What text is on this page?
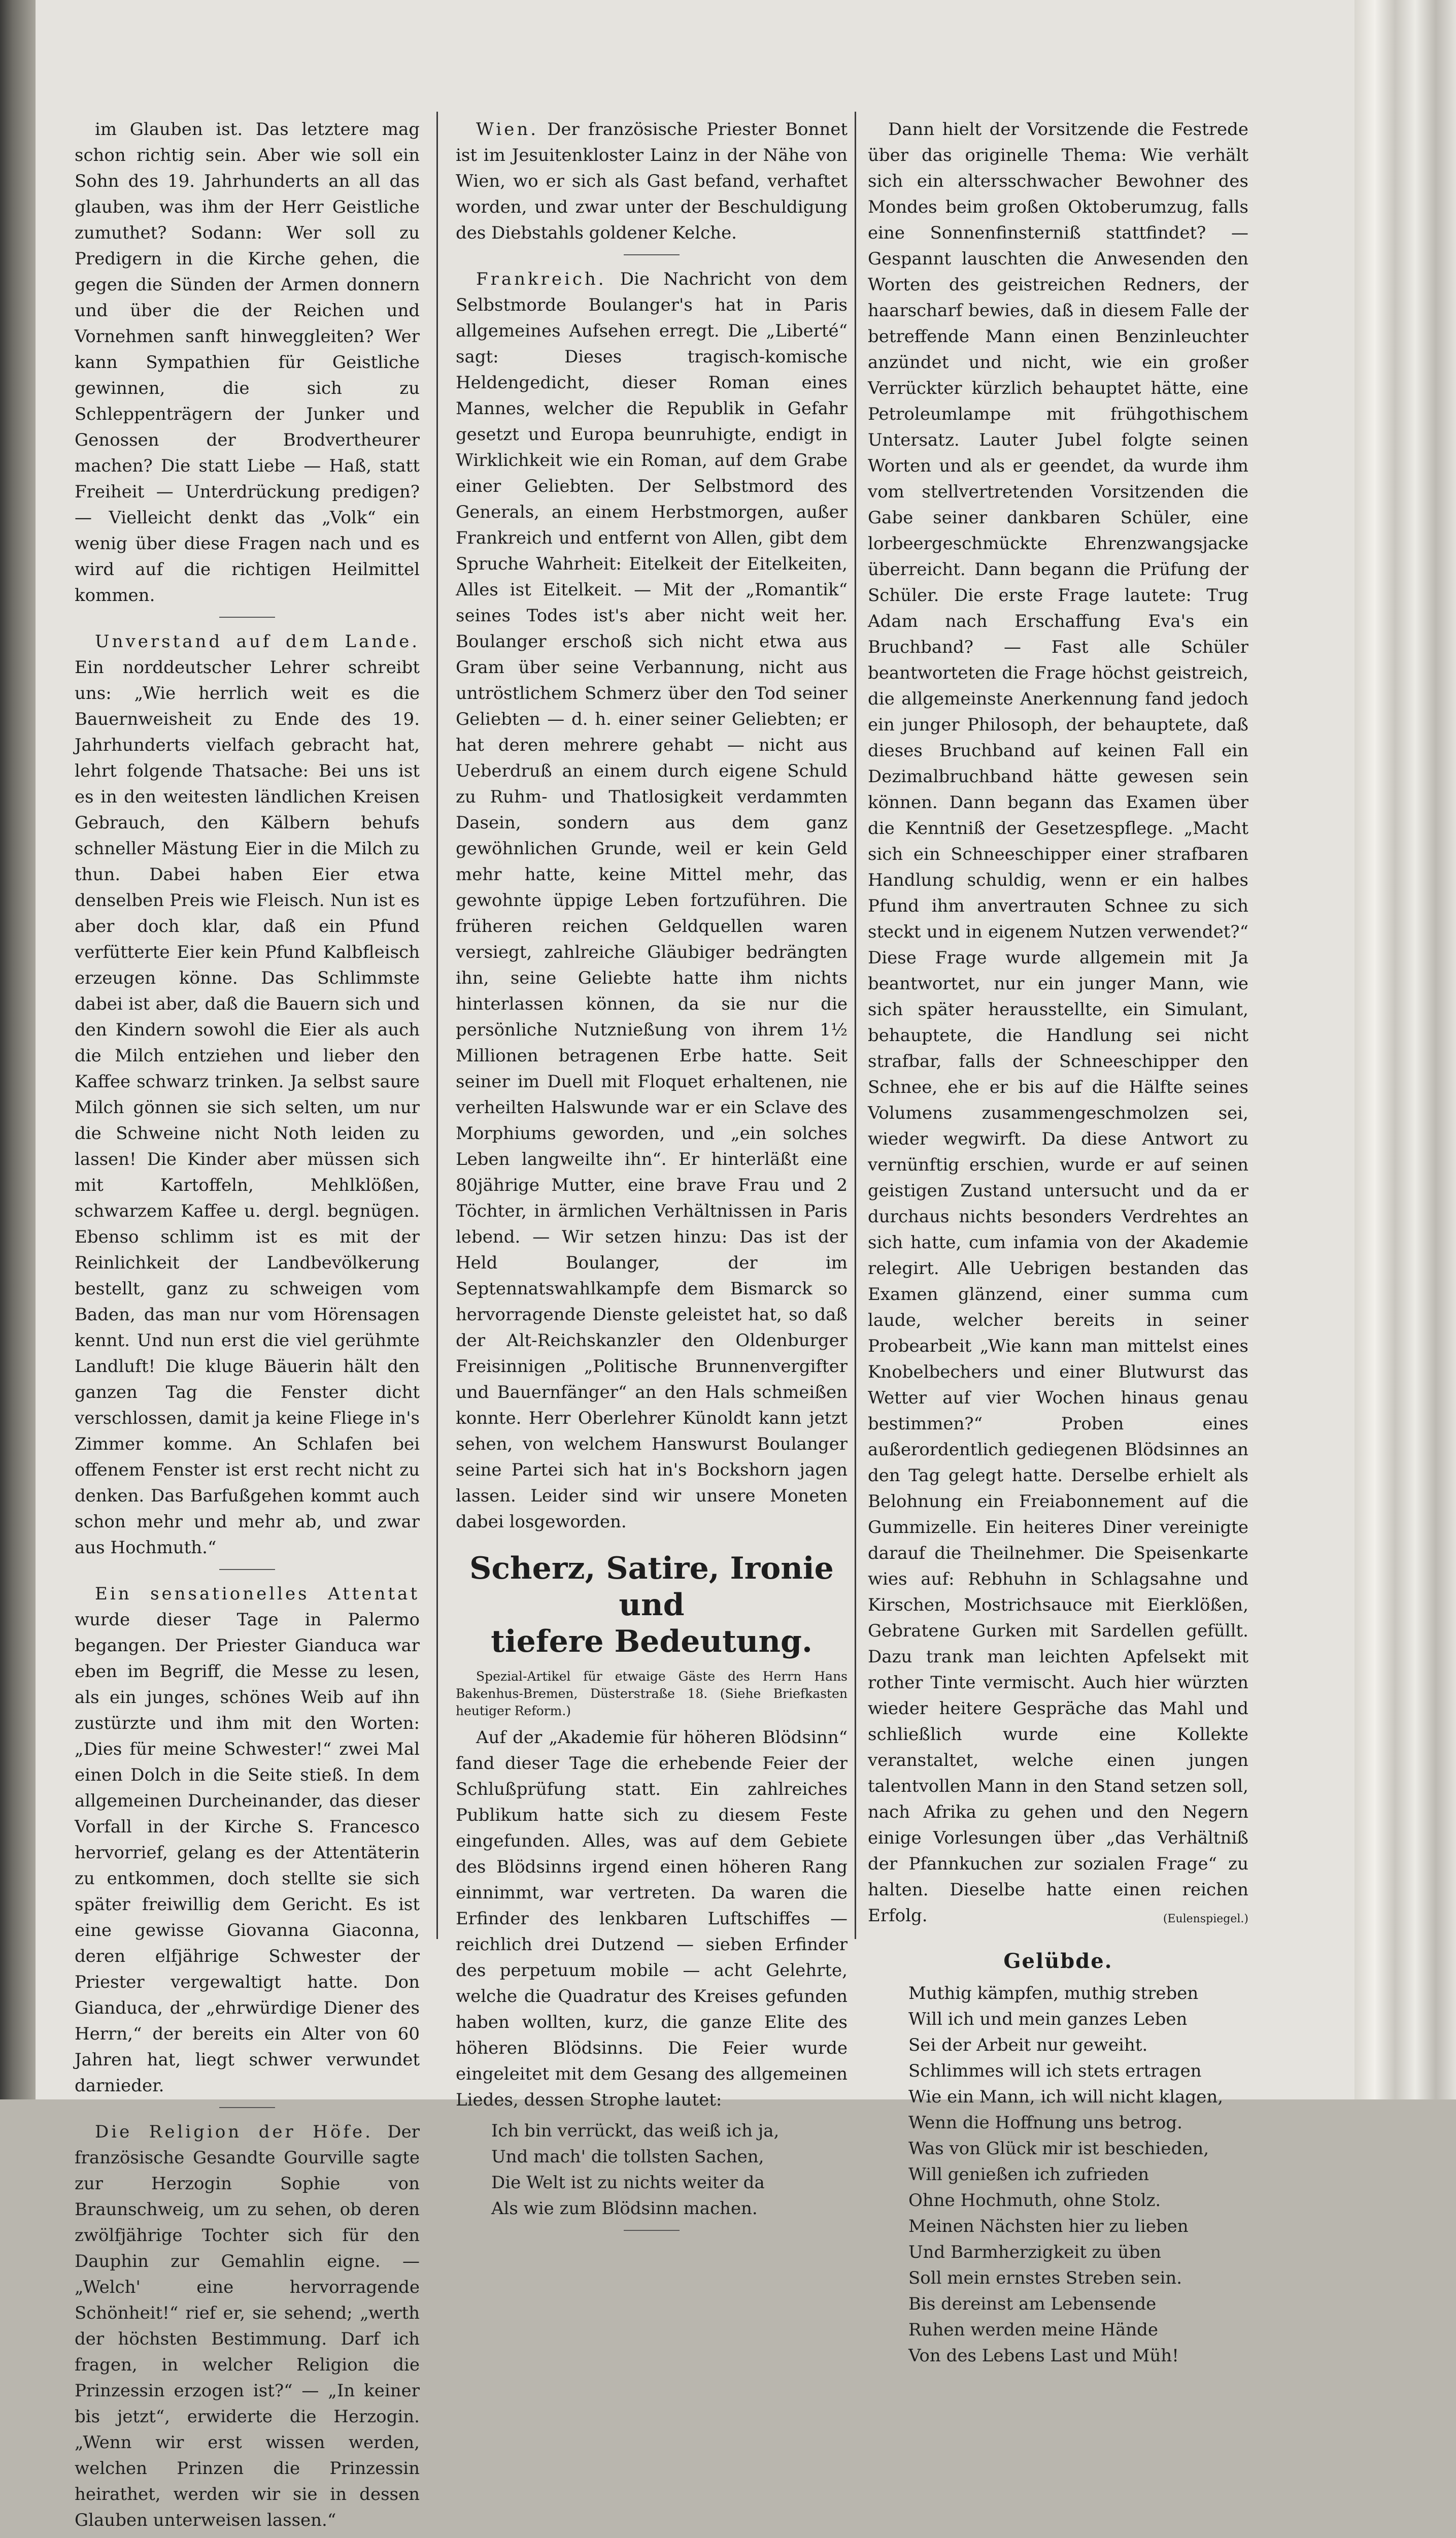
im Glauben ist. Das letztere mag schon richtig sein. Aber wie soll ein Sohn des 19. Jahrhunderts an all das glauben, was ihm der Herr Geistliche zumuthet? Sodann: Wer soll zu Predigern in die Kirche gehen, die gegen die Sünden der Armen donnern und über die der Reichen und Vornehmen sanft hinweggleiten? Wer kann Sympathien für Geistliche gewinnen, die sich zu Schleppenträgern der Junker und Genossen der Brodvertheurer machen? Die statt Liebe — Haß, statt Freiheit — Unterdrückung predigen? — Vielleicht denkt das „Volk“ ein wenig über diese Fragen nach und es wird auf die richtigen Heilmittel kommen.

Unverstand auf dem Lande. Ein norddeutscher Lehrer schreibt uns: „Wie herrlich weit es die Bauernweisheit zu Ende des 19. Jahrhunderts vielfach gebracht hat, lehrt folgende Thatsache: Bei uns ist es in den weitesten ländlichen Kreisen Gebrauch, den Kälbern behufs schneller Mästung Eier in die Milch zu thun. Dabei haben Eier etwa denselben Preis wie Fleisch. Nun ist es aber doch klar, daß ein Pfund verfütterte Eier kein Pfund Kalbfleisch erzeugen könne. Das Schlimmste dabei ist aber, daß die Bauern sich und den Kindern sowohl die Eier als auch die Milch entziehen und lieber den Kaffee schwarz trinken. Ja selbst saure Milch gönnen sie sich selten, um nur die Schweine nicht Noth leiden zu lassen! Die Kinder aber müssen sich mit Kartoffeln, Mehlklößen, schwarzem Kaffee u. dergl. begnügen. Ebenso schlimm ist es mit der Reinlichkeit der Landbevölkerung bestellt, ganz zu schweigen vom Baden, das man nur vom Hörensagen kennt. Und nun erst die viel gerühmte Landluft! Die kluge Bäuerin hält den ganzen Tag die Fenster dicht verschlossen, damit ja keine Fliege in's Zimmer komme. An Schlafen bei offenem Fenster ist erst recht nicht zu denken. Das Barfußgehen kommt auch schon mehr und mehr ab, und zwar aus Hochmuth.“

Ein sensationelles Attentat wurde dieser Tage in Palermo begangen. Der Priester Gianduca war eben im Begriff, die Messe zu lesen, als ein junges, schönes Weib auf ihn zustürzte und ihm mit den Worten: „Dies für meine Schwester!“ zwei Mal einen Dolch in die Seite stieß. In dem allgemeinen Durcheinander, das dieser Vorfall in der Kirche S. Francesco hervorrief, gelang es der Attentäterin zu entkommen, doch stellte sie sich später freiwillig dem Gericht. Es ist eine gewisse Giovanna Giaconna, deren elfjährige Schwester der Priester vergewaltigt hatte. Don Gianduca, der „ehrwürdige Diener des Herrn,“ der bereits ein Alter von 60 Jahren hat, liegt schwer verwundet darnieder.

Die Religion der Höfe. Der französische Gesandte Gourville sagte zur Herzogin Sophie von Braunschweig, um zu sehen, ob deren zwölfjährige Tochter sich für den Dauphin zur Gemahlin eigne. — „Welch' eine hervorragende Schönheit!“ rief er, sie sehend; „werth der höchsten Bestimmung. Darf ich fragen, in welcher Religion die Prinzessin erzogen ist?“ — „In keiner bis jetzt“, erwiderte die Herzogin. „Wenn wir erst wissen werden, welchen Prinzen die Prinzessin heirathet, werden wir sie in dessen Glauben unterweisen lassen.“

Wien. Der französische Priester Bonnet ist im Jesuitenkloster Lainz in der Nähe von Wien, wo er sich als Gast befand, verhaftet worden, und zwar unter der Beschuldigung des Diebstahls goldener Kelche.

Frankreich. Die Nachricht von dem Selbstmorde Boulanger's hat in Paris allgemeines Aufsehen erregt. Die „Liberté“ sagt: Dieses tragisch-komische Heldengedicht, dieser Roman eines Mannes, welcher die Republik in Gefahr gesetzt und Europa beunruhigte, endigt in Wirklichkeit wie ein Roman, auf dem Grabe einer Geliebten. Der Selbstmord des Generals, an einem Herbstmorgen, außer Frankreich und entfernt von Allen, gibt dem Spruche Wahrheit: Eitelkeit der Eitelkeiten, Alles ist Eitelkeit. — Mit der „Romantik“ seines Todes ist's aber nicht weit her. Boulanger erschoß sich nicht etwa aus Gram über seine Verbannung, nicht aus untröstlichem Schmerz über den Tod seiner Geliebten — d. h. einer seiner Geliebten; er hat deren mehrere gehabt — nicht aus Ueberdruß an einem durch eigene Schuld zu Ruhm- und Thatlosigkeit verdammten Dasein, sondern aus dem ganz gewöhnlichen Grunde, weil er kein Geld mehr hatte, keine Mittel mehr, das gewohnte üppige Leben fortzuführen. Die früheren reichen Geldquellen waren versiegt, zahlreiche Gläubiger bedrängten ihn, seine Geliebte hatte ihm nichts hinterlassen können, da sie nur die persönliche Nutznießung von ihrem 1½ Millionen betragenen Erbe hatte. Seit seiner im Duell mit Floquet erhaltenen, nie verheilten Halswunde war er ein Sclave des Morphiums geworden, und „ein solches Leben langweilte ihn“. Er hinterläßt eine 80jährige Mutter, eine brave Frau und 2 Töchter, in ärmlichen Verhältnissen in Paris lebend. — Wir setzen hinzu: Das ist der Held Boulanger, der im Septennatswahlkampfe dem Bismarck so hervorragende Dienste geleistet hat, so daß der Alt-Reichskanzler den Oldenburger Freisinnigen „Politische Brunnenvergifter und Bauernfänger“ an den Hals schmeißen konnte. Herr Oberlehrer Künoldt kann jetzt sehen, von welchem Hanswurst Boulanger seine Partei sich hat in's Bockshorn jagen lassen. Leider sind wir unsere Moneten dabei losgeworden.

Scherz, Satire, Ironie und
tiefere Bedeutung.

Spezial-Artikel für etwaige Gäste des Herrn Hans Bakenhus-Bremen, Düsterstraße 18. (Siehe Briefkasten heutiger Reform.)

Auf der „Akademie für höheren Blödsinn“ fand dieser Tage die erhebende Feier der Schlußprüfung statt. Ein zahlreiches Publikum hatte sich zu diesem Feste eingefunden. Alles, was auf dem Gebiete des Blödsinns irgend einen höheren Rang einnimmt, war vertreten. Da waren die Erfinder des lenkbaren Luftschiffes — reichlich drei Dutzend — sieben Erfinder des perpetuum mobile — acht Gelehrte, welche die Quadratur des Kreises gefunden haben wollten, kurz, die ganze Elite des höheren Blödsinns. Die Feier wurde eingeleitet mit dem Gesang des allgemeinen Liedes, dessen Strophe lautet:

Ich bin verrückt, das weiß ich ja,
Und mach' die tollsten Sachen,
Die Welt ist zu nichts weiter da
Als wie zum Blödsinn machen.

Dann hielt der Vorsitzende die Festrede über das originelle Thema: Wie verhält sich ein altersschwacher Bewohner des Mondes beim großen Oktoberumzug, falls eine Sonnenfinsterniß stattfindet? — Gespannt lauschten die Anwesenden den Worten des geistreichen Redners, der haarscharf bewies, daß in diesem Falle der betreffende Mann einen Benzinleuchter anzündet und nicht, wie ein großer Verrückter kürzlich behauptet hätte, eine Petroleumlampe mit frühgothischem Untersatz. Lauter Jubel folgte seinen Worten und als er geendet, da wurde ihm vom stellvertretenden Vorsitzenden die Gabe seiner dankbaren Schüler, eine lorbeergeschmückte Ehrenzwangsjacke überreicht. Dann begann die Prüfung der Schüler. Die erste Frage lautete: Trug Adam nach Erschaffung Eva's ein Bruchband? — Fast alle Schüler beantworteten die Frage höchst geistreich, die allgemeinste Anerkennung fand jedoch ein junger Philosoph, der behauptete, daß dieses Bruchband auf keinen Fall ein Dezimalbruchband hätte gewesen sein können. Dann begann das Examen über die Kenntniß der Gesetzespflege. „Macht sich ein Schneeschipper einer strafbaren Handlung schuldig, wenn er ein halbes Pfund ihm anvertrauten Schnee zu sich steckt und in eigenem Nutzen verwendet?“ Diese Frage wurde allgemein mit Ja beantwortet, nur ein junger Mann, wie sich später herausstellte, ein Simulant, behauptete, die Handlung sei nicht strafbar, falls der Schneeschipper den Schnee, ehe er bis auf die Hälfte seines Volumens zusammengeschmolzen sei, wieder wegwirft. Da diese Antwort zu vernünftig erschien, wurde er auf seinen geistigen Zustand untersucht und da er durchaus nichts besonders Verdrehtes an sich hatte, cum infamia von der Akademie relegirt. Alle Uebrigen bestanden das Examen glänzend, einer summa cum laude, welcher bereits in seiner Probearbeit „Wie kann man mittelst eines Knobelbechers und einer Blutwurst das Wetter auf vier Wochen hinaus genau bestimmen?“ Proben eines außerordentlich gediegenen Blödsinnes an den Tag gelegt hatte. Derselbe erhielt als Belohnung ein Freiabonnement auf die Gummizelle. Ein heiteres Diner vereinigte darauf die Theilnehmer. Die Speisenkarte wies auf: Rebhuhn in Schlagsahne und Kirschen, Mostrichsauce mit Eierklößen, Gebratene Gurken mit Sardellen gefüllt. Dazu trank man leichten Apfelsekt mit rother Tinte vermischt. Auch hier würzten wieder heitere Gespräche das Mahl und schließlich wurde eine Kollekte veranstaltet, welche einen jungen talentvollen Mann in den Stand setzen soll, nach Afrika zu gehen und den Negern einige Vorlesungen über „das Verhältniß der Pfannkuchen zur sozialen Frage“ zu halten. Dieselbe hatte einen reichen Erfolg.	(Eulenspiegel.)

Gelübde.
Muthig kämpfen, muthig streben
Will ich und mein ganzes Leben
Sei der Arbeit nur geweiht.
Schlimmes will ich stets ertragen
Wie ein Mann, ich will nicht klagen,
Wenn die Hoffnung uns betrog.
Was von Glück mir ist beschieden,
Will genießen ich zufrieden
Ohne Hochmuth, ohne Stolz.
Meinen Nächsten hier zu lieben
Und Barmherzigkeit zu üben
Soll mein ernstes Streben sein.
Bis dereinst am Lebensende
Ruhen werden meine Hände
Von des Lebens Last und Müh!
